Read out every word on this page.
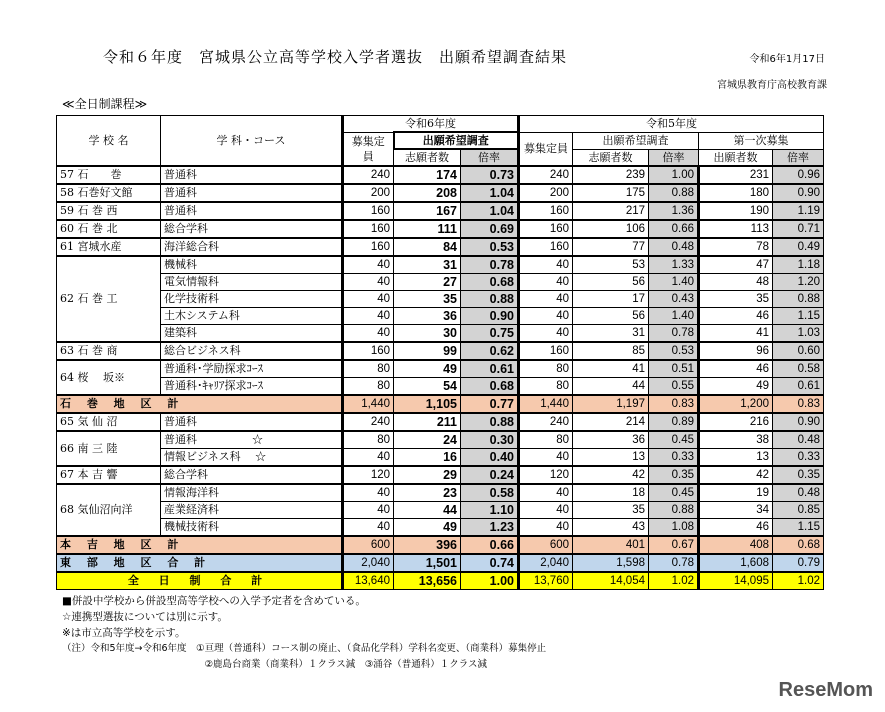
令和６年度　宮城県公立高等学校入学者選抜　出願希望調査結果	令和6年1月17日
宮城県教育庁高校教育課
≪全日制課程≫
学 校 名	学 科・コース	令和6年度			令和5年度				
		募集定員	出願希望調査		募集定員	出願希望調査		第一次募集	
			志願者数	倍率		志願者数	倍率	出願者数	倍率
57 石　　巻	普通科	240	174	0.73	240	239	1.00	231	0.96
58 石巻好文館	普通科	200	208	1.04	200	175	0.88	180	0.90
59 石 巻 西	普通科	160	167	1.04	160	217	1.36	190	1.19
60 石 巻 北	総合学科	160	111	0.69	160	106	0.66	113	0.71
61 宮城水産	海洋総合科	160	84	0.53	160	77	0.48	78	0.49
62 石 巻 工	機械科	40	31	0.78	40	53	1.33	47	1.18
	電気情報科	40	27	0.68	40	56	1.40	48	1.20
	化学技術科	40	35	0.88	40	17	0.43	35	0.88
	土木システム科	40	36	0.90	40	56	1.40	46	1.15
	建築科	40	30	0.75	40	31	0.78	41	1.03
63 石 巻 商	総合ビジネス科	160	99	0.62	160	85	0.53	96	0.60
64 桜　 坂※	普通科･学励探求ｺｰｽ	80	49	0.61	80	41	0.51	46	0.58
	普通科･ｷｬﾘｱ探求ｺｰｽ	80	54	0.68	80	44	0.55	49	0.61
石 巻 地 区 計		1,440	1,105	0.77	1,440	1,197	0.83	1,200	0.83
65 気 仙 沼	普通科	240	211	0.88	240	214	0.89	216	0.90
66 南 三 陸	普通科　　　　　☆	80	24	0.30	80	36	0.45	38	0.48
	情報ビジネス科　 ☆	40	16	0.40	40	13	0.33	13	0.33
67 本 吉 響	総合学科	120	29	0.24	120	42	0.35	42	0.35
68 気仙沼向洋	情報海洋科	40	23	0.58	40	18	0.45	19	0.48
	産業経済科	40	44	1.10	40	35	0.88	34	0.85
	機械技術科	40	49	1.23	40	43	1.08	46	1.15
本 吉 地 区 計		600	396	0.66	600	401	0.67	408	0.68
東 部 地 区 合 計		2,040	1,501	0.74	2,040	1,598	0.78	1,608	0.79
全 日 制 合 計		13,640	13,656	1.00	13,760	14,054	1.02	14,095	1.02
■併設中学校から併設型高等学校への入学予定者を含めている。
☆連携型選抜については別に示す。
※は市立高等学校を示す。
（注）令和5年度→令和6年度　①亘理（普通科）コース制の廃止、（食品化学科）学科名変更、（商業科）募集停止
　　　　　　　　　　　　　　　②鹿島台商業（商業科）１クラス減　③涌谷（普通科）１クラス減
ReseMom
